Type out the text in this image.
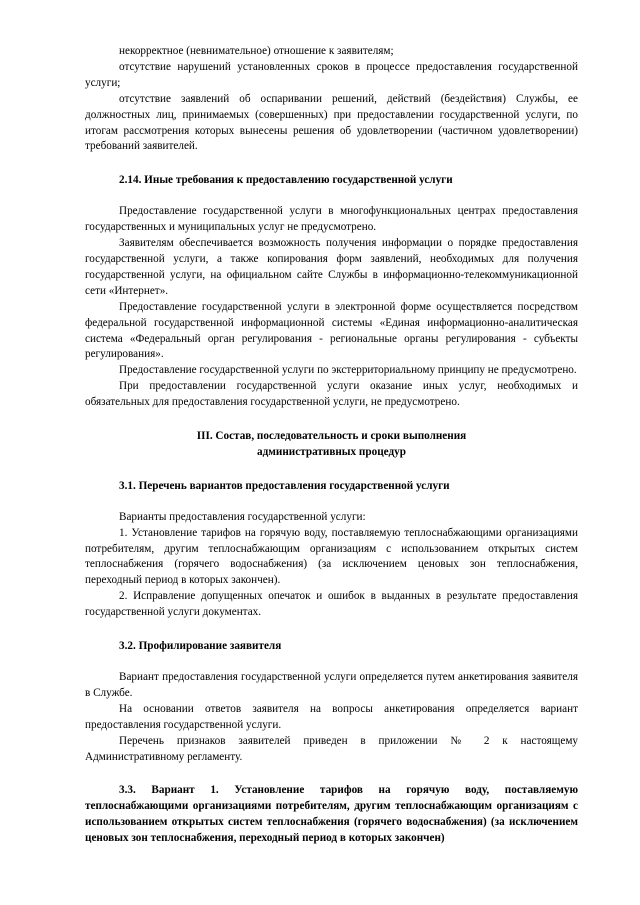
некорректное (невнимательное) отношение к заявителям;

отсутствие нарушений установленных сроков в процессе предоставления государственной услуги;

отсутствие заявлений об оспаривании решений, действий (бездействия) Службы, ее должностных лиц, принимаемых (совершенных) при предоставлении государственной услуги, по итогам рассмотрения которых вынесены решения об удовлетворении (частичном удовлетворении) требований заявителей.

2.14. Иные требования к предоставлению государственной услуги

Предоставление государственной услуги в многофункциональных центрах предоставления государственных и муниципальных услуг не предусмотрено.

Заявителям обеспечивается возможность получения информации о порядке предоставления государственной услуги, а также копирования форм заявлений, необходимых для получения государственной услуги, на официальном сайте Службы в информационно-телекоммуникационной сети «Интернет».

Предоставление государственной услуги в электронной форме осуществляется посредством федеральной государственной информационной системы «Единая информационно-аналитическая система «Федеральный орган регулирования - региональные органы регулирования - субъекты регулирования».

Предоставление государственной услуги по экстерриториальному принципу не предусмотрено.

При предоставлении государственной услуги оказание иных услуг, необходимых и обязательных для предоставления государственной услуги, не предусмотрено.

III. Состав, последовательность и сроки выполнения

административных процедур

3.1. Перечень вариантов предоставления государственной услуги

Варианты предоставления государственной услуги:

1. Установление тарифов на горячую воду, поставляемую теплоснабжающими организациями потребителям, другим теплоснабжающим организациям с использованием открытых систем теплоснабжения (горячего водоснабжения) (за исключением ценовых зон теплоснабжения, переходный период в которых закончен).

2. Исправление допущенных опечаток и ошибок в выданных в результате предоставления государственной услуги документах.

3.2. Профилирование заявителя

Вариант предоставления государственной услуги определяется путем анкетирования заявителя в Службе.

На основании ответов заявителя на вопросы анкетирования определяется вариант предоставления государственной услуги.

Перечень признаков заявителей приведен в приложении № 2 к настоящему Административному регламенту.

3.3. Вариант 1. Установление тарифов на горячую воду, поставляемую теплоснабжающими организациями потребителям, другим теплоснабжающим организациям с использованием открытых систем теплоснабжения (горячего водоснабжения) (за исключением ценовых зон теплоснабжения, переходный период в которых закончен)
